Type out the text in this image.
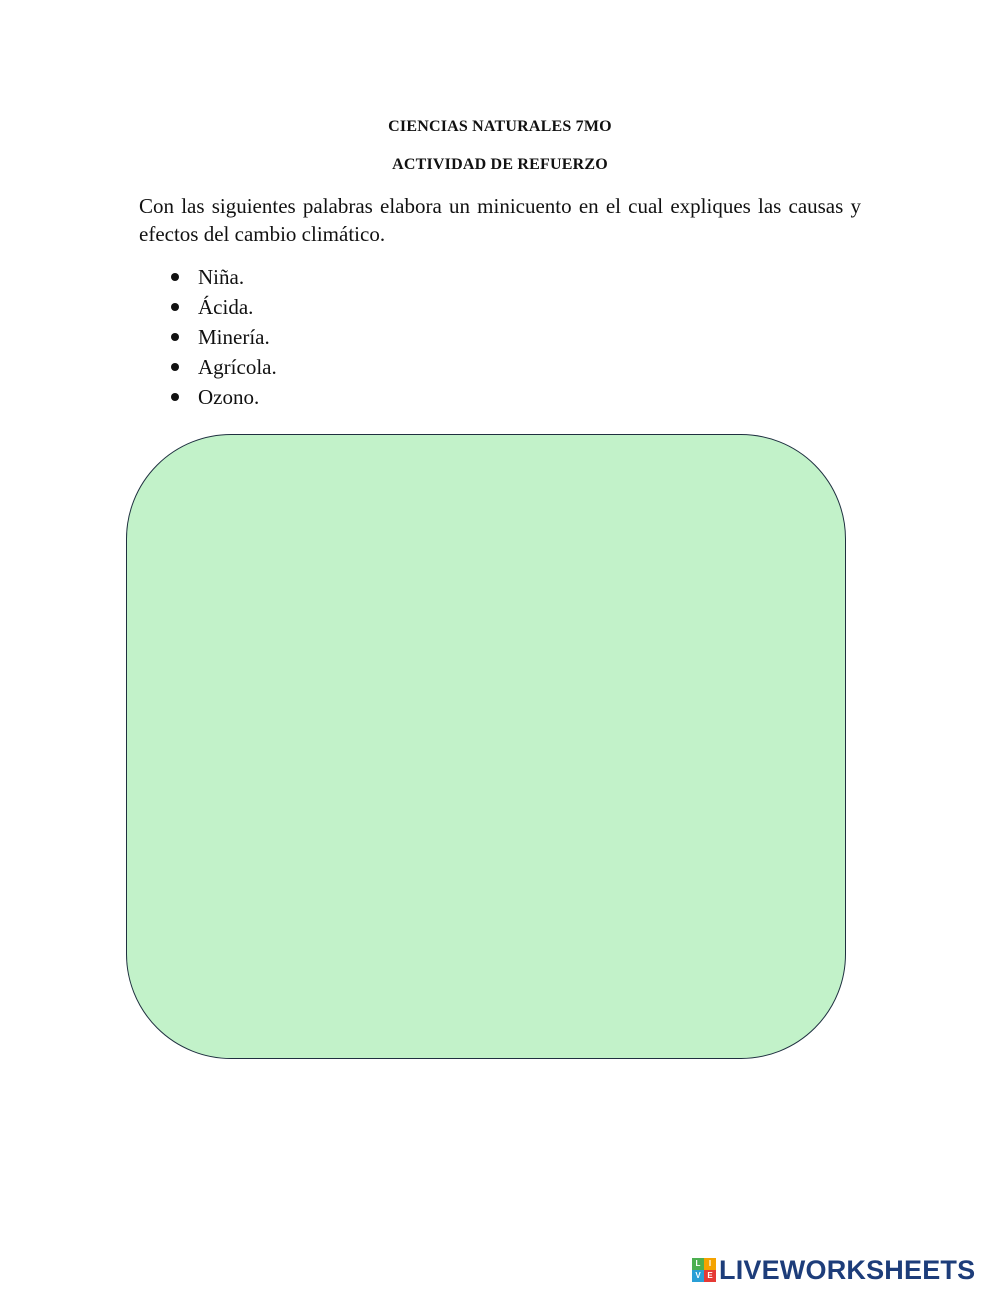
CIENCIAS NATURALES 7MO
ACTIVIDAD DE REFUERZO
Con las siguientes palabras elabora un minicuento en el cual expliques las causas y efectos del cambio climático.
Niña.
Ácida.
Minería.
Agrícola.
Ozono.
L	I
V E LIVEWORKSHEETS
